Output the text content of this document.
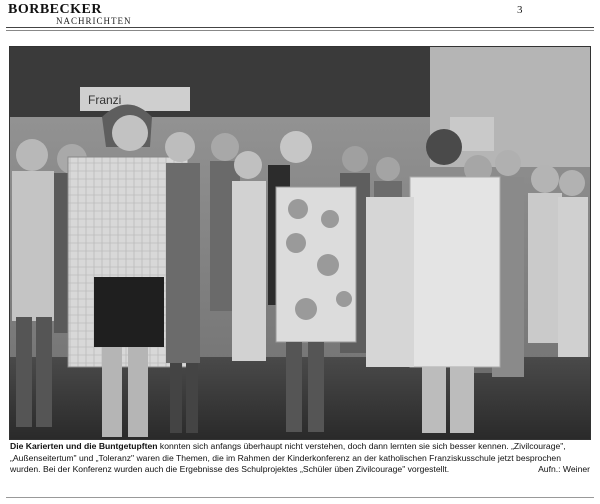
BORBECKER
NACHRICHTEN
3
Franzi
Die Karierten und die Buntgetupften konnten sich anfangs überhaupt nicht verstehen, doch dann lernten sie sich besser kennen. „Zivilcourage", „Außenseitertum" und „Toleranz" waren die Themen, die im Rahmen der Kinderkonferenz an der katholischen Franziskusschule jetzt besprochen wurden. Bei der Konferenz wurden auch die Ergebnisse des Schulprojektes „Schüler üben Zivilcourage" vorgestellt.	Aufn.: Weiner
